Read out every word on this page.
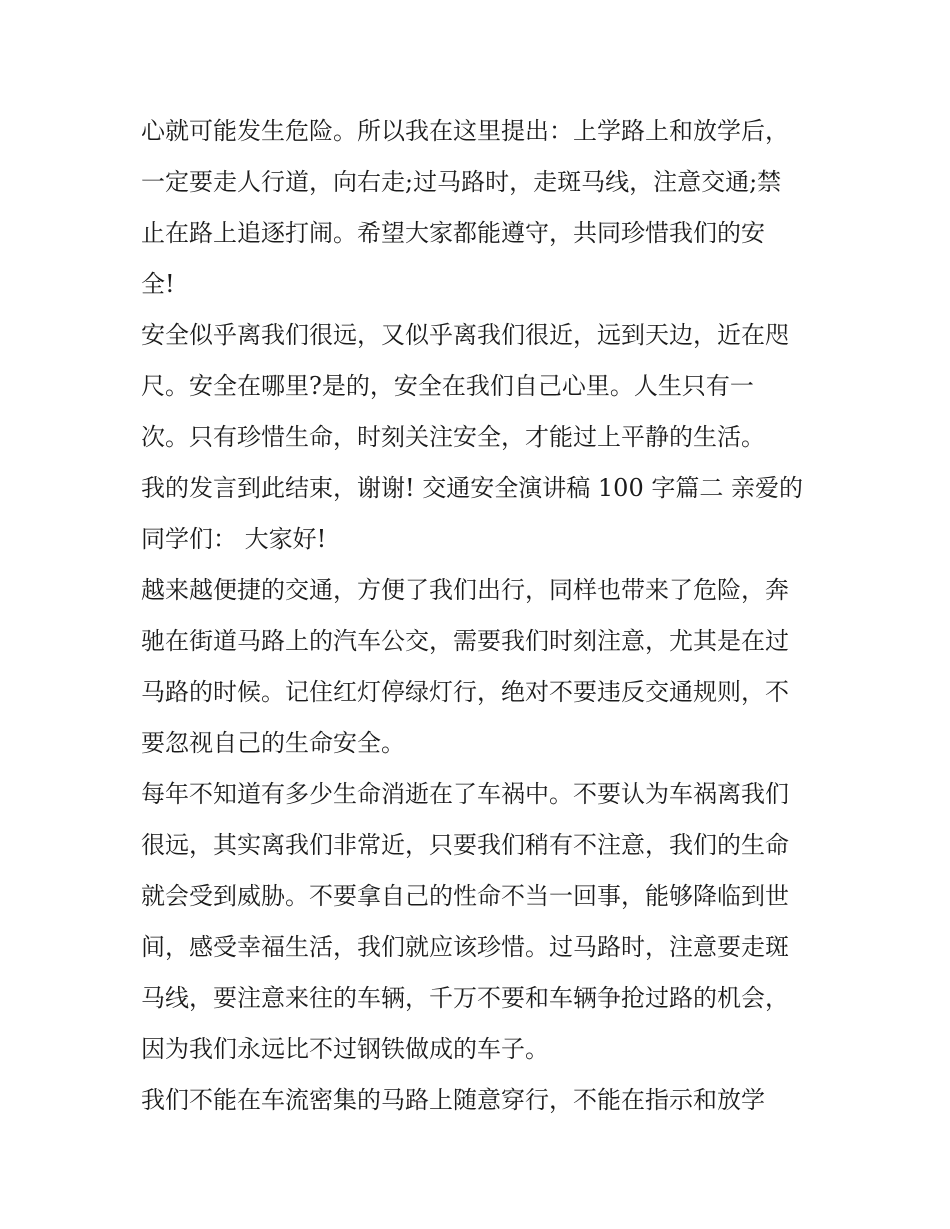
心就可能发生危险。所以我在这里提出：上学路上和放学后，
一定要走人行道，向右走;过马路时，走斑马线，注意交通;禁
止在路上追逐打闹。希望大家都能遵守，共同珍惜我们的安
全!
安全似乎离我们很远，又似乎离我们很近，远到天边，近在咫
尺。安全在哪里?是的，安全在我们自己心里。人生只有一
次。只有珍惜生命，时刻关注安全，才能过上平静的生活。
我的发言到此结束，谢谢! 交通安全演讲稿 100 字篇二 亲爱的
同学们： 大家好!
越来越便捷的交通，方便了我们出行，同样也带来了危险，奔
驰在街道马路上的汽车公交，需要我们时刻注意，尤其是在过
马路的时候。记住红灯停绿灯行，绝对不要违反交通规则，不
要忽视自己的生命安全。
每年不知道有多少生命消逝在了车祸中。不要认为车祸离我们
很远，其实离我们非常近，只要我们稍有不注意，我们的生命
就会受到威胁。不要拿自己的性命不当一回事，能够降临到世
间，感受幸福生活，我们就应该珍惜。过马路时，注意要走斑
马线，要注意来往的车辆，千万不要和车辆争抢过路的机会，
因为我们永远比不过钢铁做成的车子。
我们不能在车流密集的马路上随意穿行，不能在指示和放学
